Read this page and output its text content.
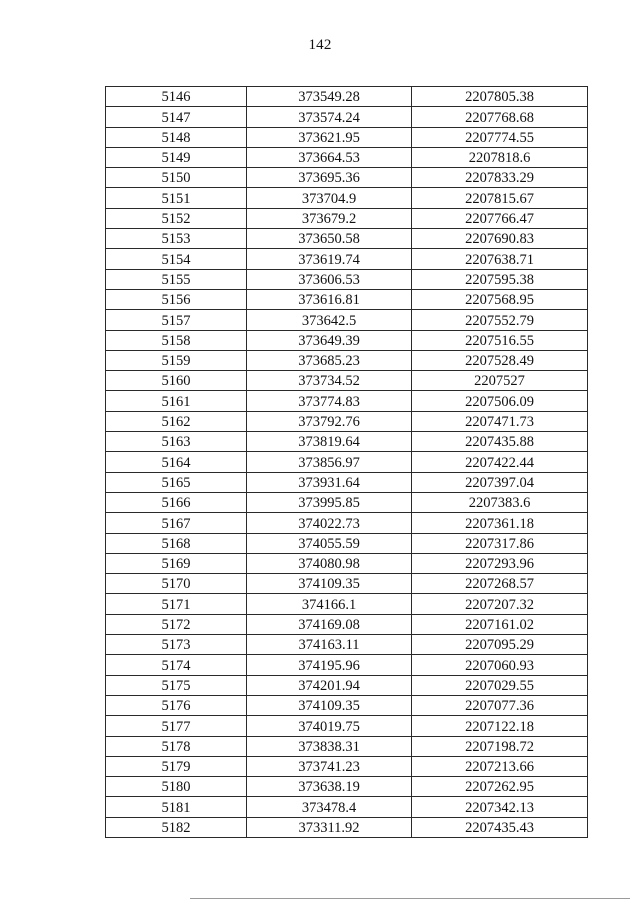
142
5146	373549.28	2207805.38
5147	373574.24	2207768.68
5148	373621.95	2207774.55
5149	373664.53	2207818.6
5150	373695.36	2207833.29
5151	373704.9	2207815.67
5152	373679.2	2207766.47
5153	373650.58	2207690.83
5154	373619.74	2207638.71
5155	373606.53	2207595.38
5156	373616.81	2207568.95
5157	373642.5	2207552.79
5158	373649.39	2207516.55
5159	373685.23	2207528.49
5160	373734.52	2207527
5161	373774.83	2207506.09
5162	373792.76	2207471.73
5163	373819.64	2207435.88
5164	373856.97	2207422.44
5165	373931.64	2207397.04
5166	373995.85	2207383.6
5167	374022.73	2207361.18
5168	374055.59	2207317.86
5169	374080.98	2207293.96
5170	374109.35	2207268.57
5171	374166.1	2207207.32
5172	374169.08	2207161.02
5173	374163.11	2207095.29
5174	374195.96	2207060.93
5175	374201.94	2207029.55
5176	374109.35	2207077.36
5177	374019.75	2207122.18
5178	373838.31	2207198.72
5179	373741.23	2207213.66
5180	373638.19	2207262.95
5181	373478.4	2207342.13
5182	373311.92	2207435.43
